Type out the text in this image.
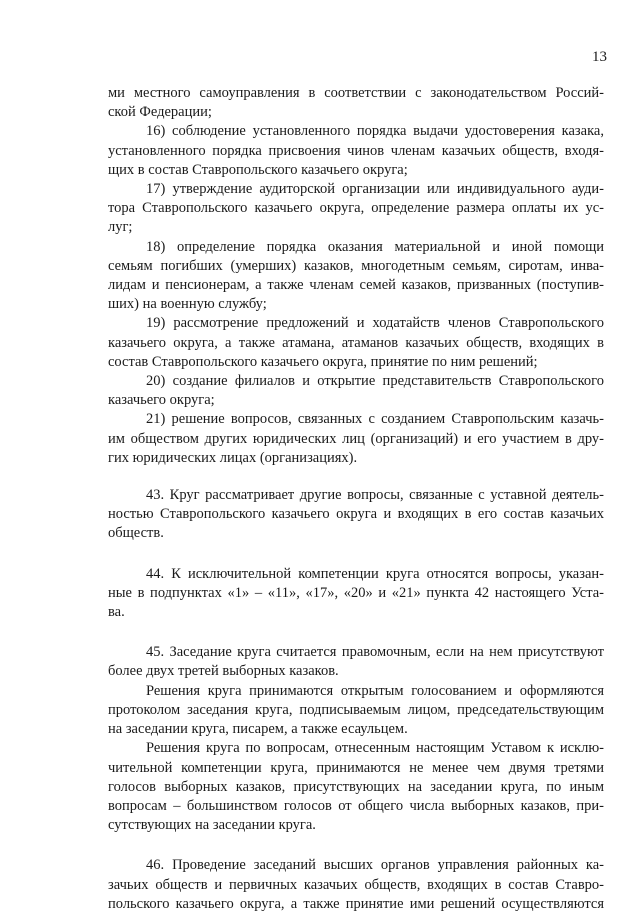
13
ми местного самоуправления в соответствии с законодательством Россий-
ской Федерации;
16) соблюдение установленного порядка выдачи удостоверения казака,
установленного порядка присвоения чинов членам казачьих обществ, входя-
щих в состав Ставропольского казачьего округа;
17) утверждение аудиторской организации или индивидуального ауди-
тора Ставропольского казачьего округа, определение размера оплаты их ус-
луг;
18) определение порядка оказания материальной и иной помощи
семьям погибших (умерших) казаков, многодетным семьям, сиротам, инва-
лидам и пенсионерам, а также членам семей казаков, призванных (поступив-
ших) на военную службу;
19) рассмотрение предложений и ходатайств членов Ставропольского
казачьего округа, а также атамана, атаманов казачьих обществ, входящих в
состав Ставропольского казачьего округа, принятие по ним решений;
20) создание филиалов и открытие представительств Ставропольского
казачьего округа;
21) решение вопросов, связанных с созданием Ставропольским казачь-
им обществом других юридических лиц (организаций) и его участием в дру-
гих юридических лицах (организациях).
43. Круг рассматривает другие вопросы, связанные с уставной деятель-
ностью Ставропольского казачьего округа и входящих в его состав казачьих
обществ.
44. К исключительной компетенции круга относятся вопросы, указан-
ные в подпунктах «1» – «11», «17», «20» и «21» пункта 42 настоящего Уста-
ва.
45. Заседание круга считается правомочным, если на нем присутствуют
более двух третей выборных казаков.
Решения круга принимаются открытым голосованием и оформляются
протоколом заседания круга, подписываемым лицом, председательствующим
на заседании круга, писарем, а также есаульцем.
Решения круга по вопросам, отнесенным настоящим Уставом к исклю-
чительной компетенции круга, принимаются не менее чем двумя третями
голосов выборных казаков, присутствующих на заседании круга, по иным
вопросам – большинством голосов от общего числа выборных казаков, при-
сутствующих на заседании круга.
46. Проведение заседаний высших органов управления районных ка-
зачьих обществ и первичных казачьих обществ, входящих в состав Ставро-
польского казачьего округа, а также принятие ими решений осуществляются
